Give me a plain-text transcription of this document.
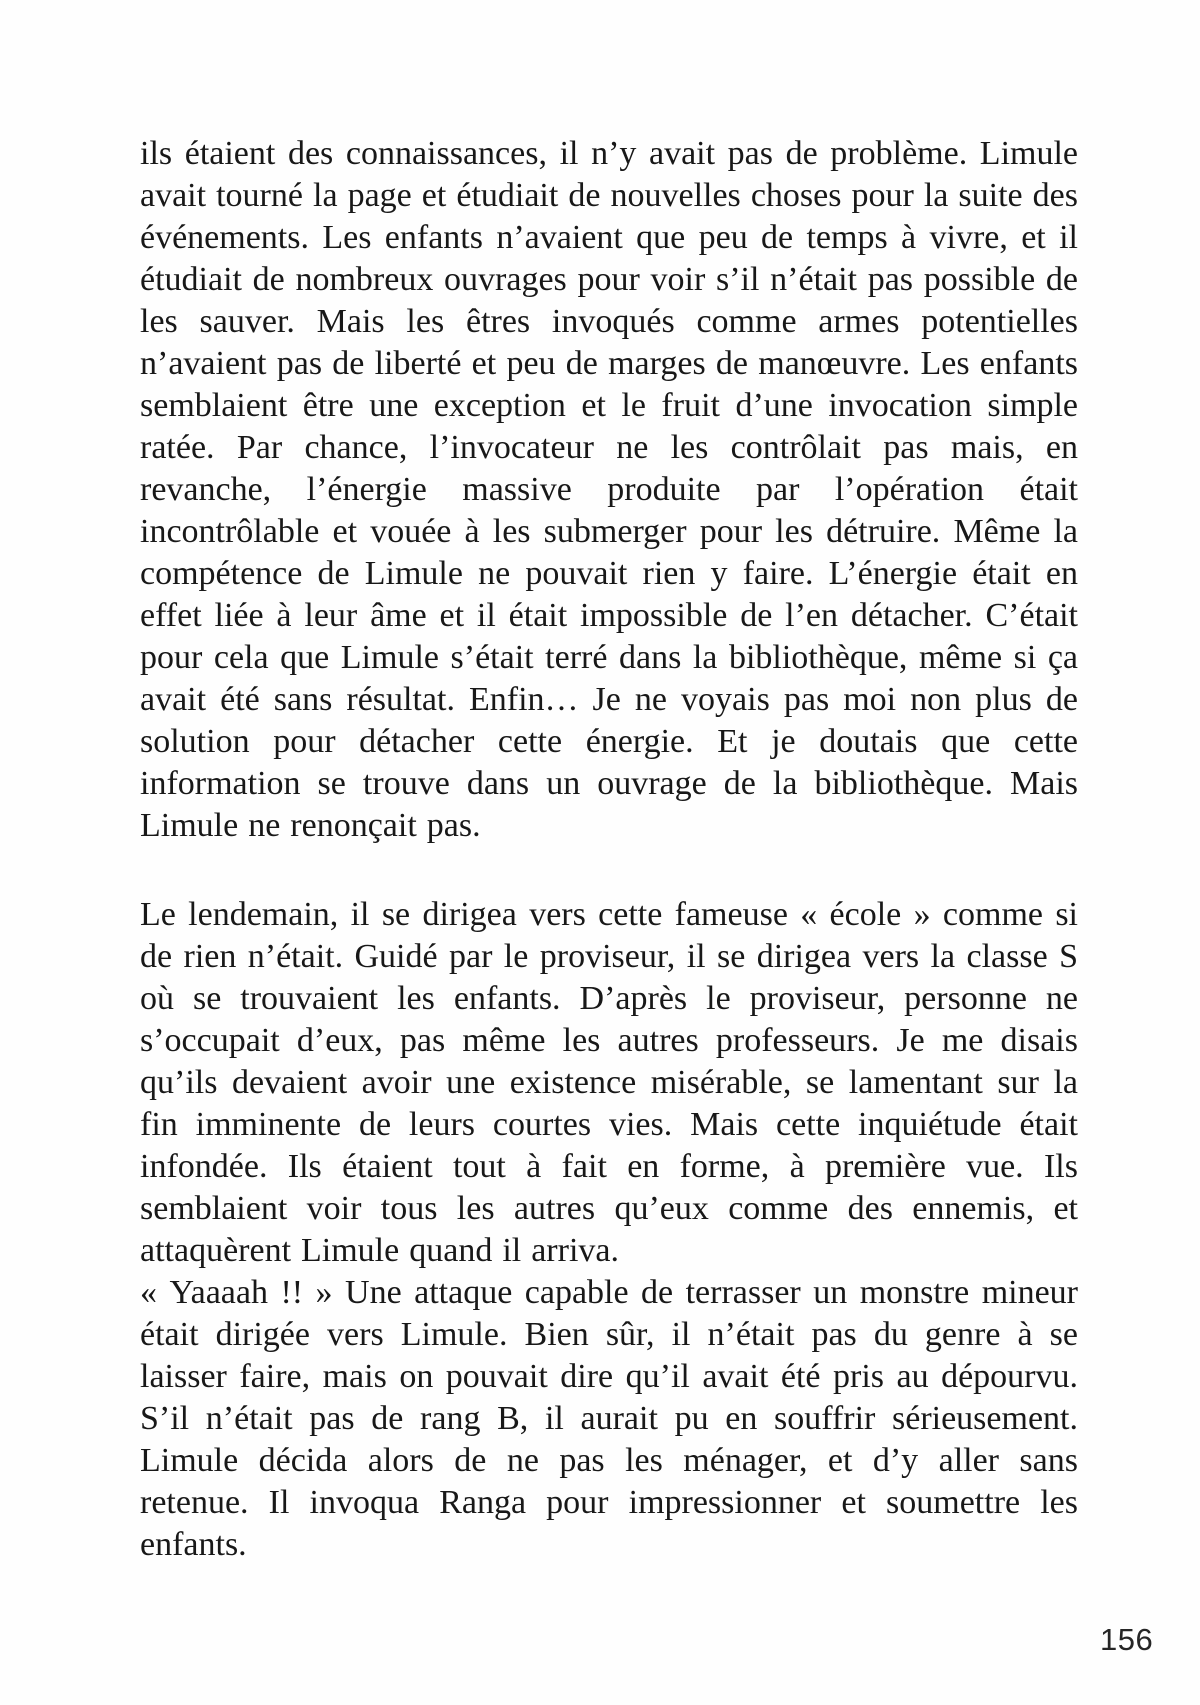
ils étaient des connaissances, il n’y avait pas de problème. Limule avait tourné la page et étudiait de nouvelles choses pour la suite des événements. Les enfants n’avaient que peu de temps à vivre, et il étudiait de nombreux ouvrages pour voir s’il n’était pas possible de les sauver. Mais les êtres invoqués comme armes potentielles n’avaient pas de liberté et peu de marges de manœuvre. Les enfants semblaient être une exception et le fruit d’une invocation simple ratée. Par chance, l’invocateur ne les contrôlait pas mais, en revanche, l’énergie massive produite par l’opération était incontrôlable et vouée à les submerger pour les détruire. Même la compétence de Limule ne pouvait rien y faire. L’énergie était en effet liée à leur âme et il était impossible de l’en détacher. C’était pour cela que Limule s’était terré dans la bibliothèque, même si ça avait été sans résultat. Enfin… Je ne voyais pas moi non plus de solution pour détacher cette énergie. Et je doutais que cette information se trouve dans un ouvrage de la bibliothèque. Mais Limule ne renonçait pas.

Le lendemain, il se dirigea vers cette fameuse « école » comme si de rien n’était. Guidé par le proviseur, il se dirigea vers la classe S où se trouvaient les enfants. D’après le proviseur, personne ne s’occupait d’eux, pas même les autres professeurs. Je me disais qu’ils devaient avoir une existence misérable, se lamentant sur la fin imminente de leurs courtes vies. Mais cette inquiétude était infondée. Ils étaient tout à fait en forme, à première vue. Ils semblaient voir tous les autres qu’eux comme des ennemis, et attaquèrent Limule quand il arriva.

« Yaaaah !! » Une attaque capable de terrasser un monstre mineur était dirigée vers Limule. Bien sûr, il n’était pas du genre à se laisser faire, mais on pouvait dire qu’il avait été pris au dépourvu. S’il n’était pas de rang B, il aurait pu en souffrir sérieusement. Limule décida alors de ne pas les ménager, et d’y aller sans retenue. Il invoqua Ranga pour impressionner et soumettre les enfants.

156
